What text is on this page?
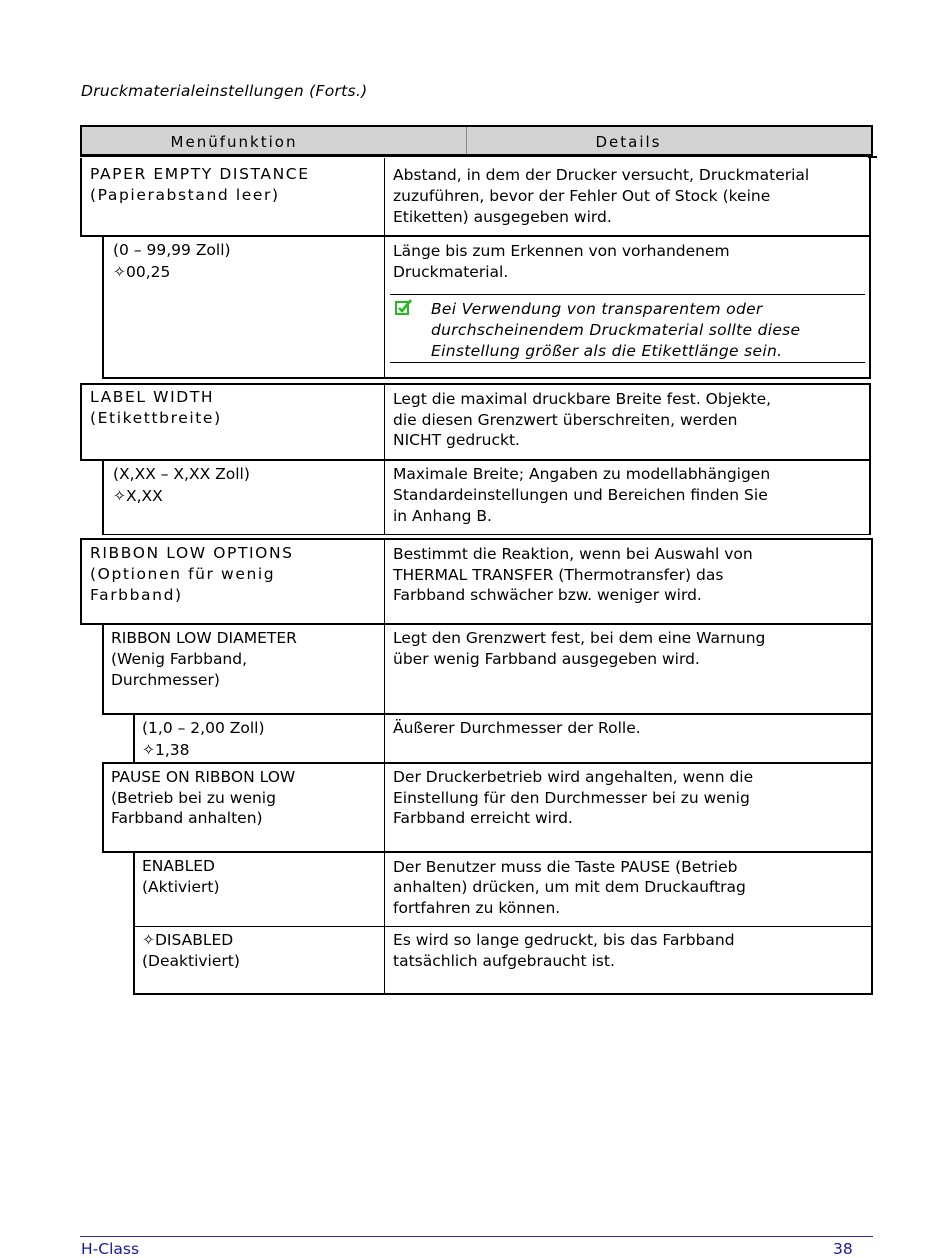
Druckmaterialeinstellungen (Forts.)
Menüfunktion	Details
PAPER EMPTY DISTANCE
(Papierabstand leer)
Abstand, in dem der Drucker versucht, Druckmaterial
zuzuführen, bevor der Fehler Out of Stock (keine
Etiketten) ausgegeben wird.
(0 – 99,99 Zoll)
✧00,25
Länge bis zum Erkennen von vorhandenem
Druckmaterial.
Bei Verwendung von transparentem oder
durchscheinendem Druckmaterial sollte diese
Einstellung größer als die Etikettlänge sein.
LABEL WIDTH
(Etikettbreite)
Legt die maximal druckbare Breite fest. Objekte,
die diesen Grenzwert überschreiten, werden
NICHT gedruckt.
(X,XX – X,XX Zoll)
✧X,XX
Maximale Breite; Angaben zu modellabhängigen
Standardeinstellungen und Bereichen finden Sie
in Anhang B.
RIBBON LOW OPTIONS
(Optionen für wenig
Farbband)
Bestimmt die Reaktion, wenn bei Auswahl von
THERMAL TRANSFER (Thermotransfer) das
Farbband schwächer bzw. weniger wird.
RIBBON LOW DIAMETER
(Wenig Farbband,
Durchmesser)
Legt den Grenzwert fest, bei dem eine Warnung
über wenig Farbband ausgegeben wird.
(1,0 – 2,00 Zoll)
✧1,38
Äußerer Durchmesser der Rolle.
PAUSE ON RIBBON LOW
(Betrieb bei zu wenig
Farbband anhalten)
Der Druckerbetrieb wird angehalten, wenn die
Einstellung für den Durchmesser bei zu wenig
Farbband erreicht wird.
ENABLED
(Aktiviert)
Der Benutzer muss die Taste PAUSE (Betrieb
anhalten) drücken, um mit dem Druckauftrag
fortfahren zu können.
✧DISABLED
(Deaktiviert)
Es wird so lange gedruckt, bis das Farbband
tatsächlich aufgebraucht ist.
H-Class	38
